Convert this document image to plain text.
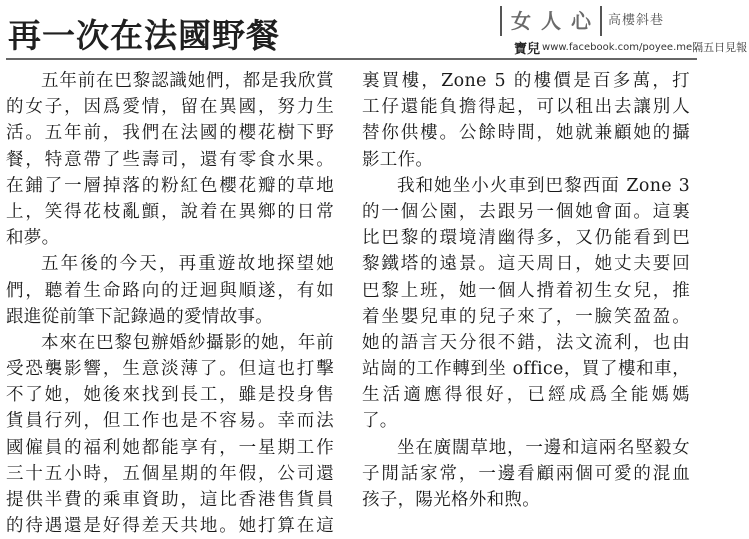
再一次在法國野餐	女 人 心	高樓斜巷
寶兒 www.facebook.com/poyee.me 隔五日見報
五年前在巴黎認識她們，都是我欣賞
的女子，因爲愛情，留在異國，努力生
活。五年前，我們在法國的櫻花樹下野
餐，特意帶了些壽司，還有零食水果。
在鋪了一層掉落的粉紅色櫻花瓣的草地
上，笑得花枝亂顫，說着在異鄉的日常
和夢。
五年後的今天，再重遊故地探望她
們，聽着生命路向的迂迴與順遂，有如
跟進從前筆下記錄過的愛情故事。
本來在巴黎包辦婚紗攝影的她，年前
受恐襲影響，生意淡薄了。但這也打擊
不了她，她後來找到長工，雖是投身售
貨員行列，但工作也是不容易。幸而法
國僱員的福利她都能享有，一星期工作
三十五小時，五個星期的年假，公司還
提供半費的乘車資助，這比香港售貨員
的待遇還是好得差天共地。她打算在這
裏買樓，Zone 5 的樓價是百多萬，打
工仔還能負擔得起，可以租出去讓別人
替你供樓。公餘時間，她就兼顧她的攝
影工作。
我和她坐小火車到巴黎西面 Zone 3
的一個公園，去跟另一個她會面。這裏
比巴黎的環境清幽得多，又仍能看到巴
黎鐵塔的遠景。這天周日，她丈夫要回
巴黎上班，她一個人揹着初生女兒，推
着坐嬰兒車的兒子來了，一臉笑盈盈。
她的語言天分很不錯，法文流利，也由
站崗的工作轉到坐 office，買了樓和車，
生活適應得很好，已經成爲全能媽媽
了。
坐在廣闊草地，一邊和這兩名堅毅女
子閒話家常，一邊看顧兩個可愛的混血
孩子，陽光格外和煦。
